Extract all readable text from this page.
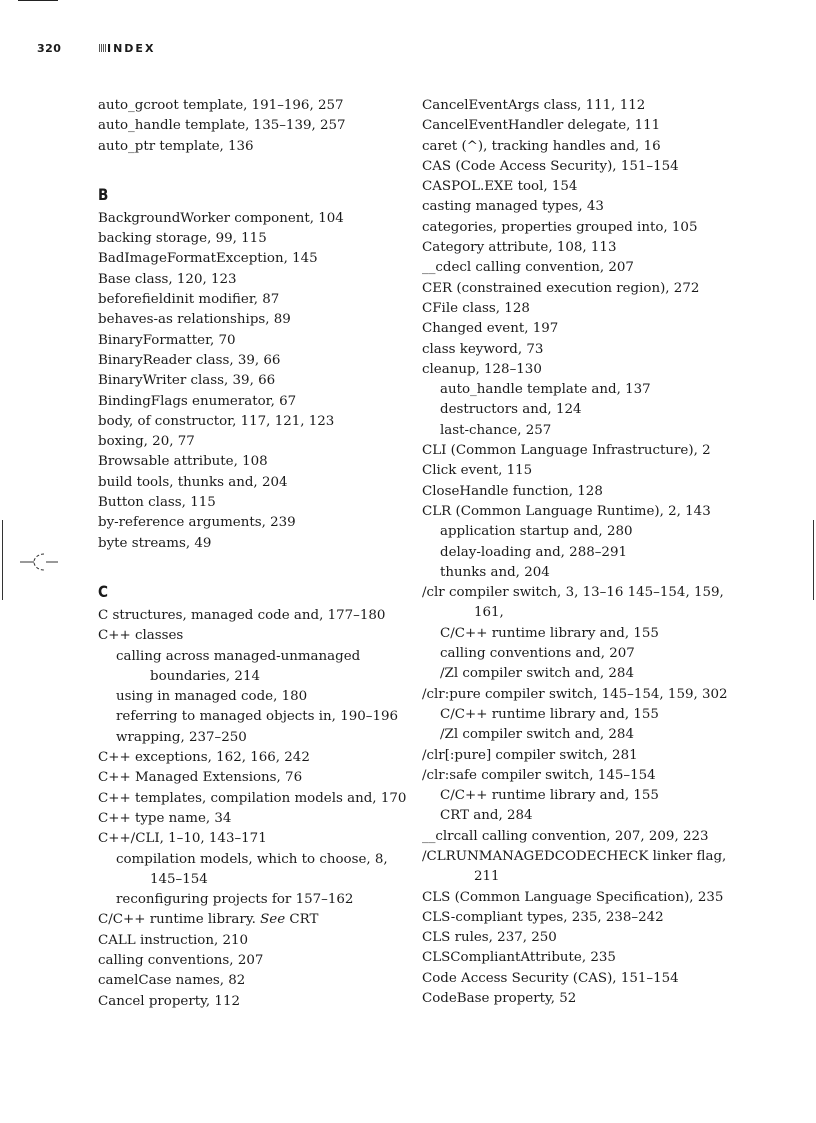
320	INDEX
auto_gcroot template, 191–196, 257
auto_handle template, 135–139, 257
auto_ptr template, 136
B
BackgroundWorker component, 104
backing storage, 99, 115
BadImageFormatException, 145
Base class, 120, 123
beforefieldinit modifier, 87
behaves-as relationships, 89
BinaryFormatter, 70
BinaryReader class, 39, 66
BinaryWriter class, 39, 66
BindingFlags enumerator, 67
body, of constructor, 117, 121, 123
boxing, 20, 77
Browsable attribute, 108
build tools, thunks and, 204
Button class, 115
by-reference arguments, 239
byte streams, 49
C
C structures, managed code and, 177–180
C++ classes
calling across managed-unmanaged
boundaries, 214
using in managed code, 180
referring to managed objects in, 190–196
wrapping, 237–250
C++ exceptions, 162, 166, 242
C++ Managed Extensions, 76
C++ templates, compilation models and, 170
C++ type name, 34
C++/CLI, 1–10, 143–171
compilation models, which to choose, 8,
145–154
reconfiguring projects for 157–162
C/C++ runtime library. See CRT
CALL instruction, 210
calling conventions, 207
camelCase names, 82
Cancel property, 112
CancelEventArgs class, 111, 112
CancelEventHandler delegate, 111
caret (^), tracking handles and, 16
CAS (Code Access Security), 151–154
CASPOL.EXE tool, 154
casting managed types, 43
categories, properties grouped into, 105
Category attribute, 108, 113
__cdecl calling convention, 207
CER (constrained execution region), 272
CFile class, 128
Changed event, 197
class keyword, 73
cleanup, 128–130
auto_handle template and, 137
destructors and, 124
last-chance, 257
CLI (Common Language Infrastructure), 2
Click event, 115
CloseHandle function, 128
CLR (Common Language Runtime), 2, 143
application startup and, 280
delay-loading and, 288–291
thunks and, 204
/clr compiler switch, 3, 13–16 145–154, 159,
161,
C/C++ runtime library and, 155
calling conventions and, 207
/Zl compiler switch and, 284
/clr:pure compiler switch, 145–154, 159, 302
C/C++ runtime library and, 155
/Zl compiler switch and, 284
/clr[:pure] compiler switch, 281
/clr:safe compiler switch, 145–154
C/C++ runtime library and, 155
CRT and, 284
__clrcall calling convention, 207, 209, 223
/CLRUNMANAGEDCODECHECK linker flag,
211
CLS (Common Language Specification), 235
CLS-compliant types, 235, 238–242
CLS rules, 237, 250
CLSCompliantAttribute, 235
Code Access Security (CAS), 151–154
CodeBase property, 52
